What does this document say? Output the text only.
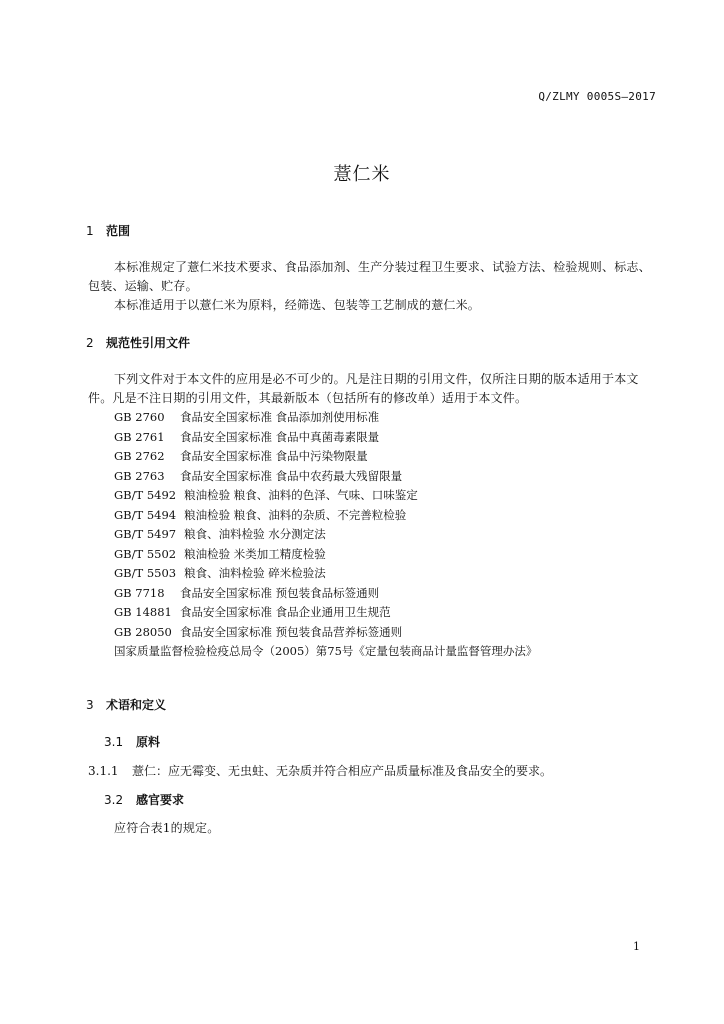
Q/ZLMY 0005S—2017
薏仁米
1 范围
本标准规定了薏仁米技术要求、食品添加剂、生产分装过程卫生要求、试验方法、检验规则、标志、包装、运输、贮存。
本标准适用于以薏仁米为原料，经筛选、包装等工艺制成的薏仁米。
2 规范性引用文件
下列文件对于本文件的应用是必不可少的。凡是注日期的引用文件，仅所注日期的版本适用于本文件。凡是不注日期的引用文件，其最新版本（包括所有的修改单）适用于本文件。
GB 2760 食品安全国家标准 食品添加剂使用标准
GB 2761 食品安全国家标准 食品中真菌毒素限量
GB 2762 食品安全国家标准 食品中污染物限量
GB 2763 食品安全国家标准 食品中农药最大残留限量
GB/T 5492 粮油检验 粮食、油料的色泽、气味、口味鉴定
GB/T 5494 粮油检验 粮食、油料的杂质、不完善粒检验
GB/T 5497 粮食、油料检验 水分测定法
GB/T 5502 粮油检验 米类加工精度检验
GB/T 5503 粮食、油料检验 碎米检验法
GB 7718 食品安全国家标准 预包装食品标签通则
GB 14881 食品安全国家标准 食品企业通用卫生规范
GB 28050 食品安全国家标准 预包装食品营养标签通则
国家质量监督检验检疫总局令（2005）第75号《定量包装商品计量监督管理办法》
3 术语和定义
3.1 原料
3.1.1 薏仁：应无霉变、无虫蛀、无杂质并符合相应产品质量标准及食品安全的要求。
3.2 感官要求
应符合表1的规定。
1
